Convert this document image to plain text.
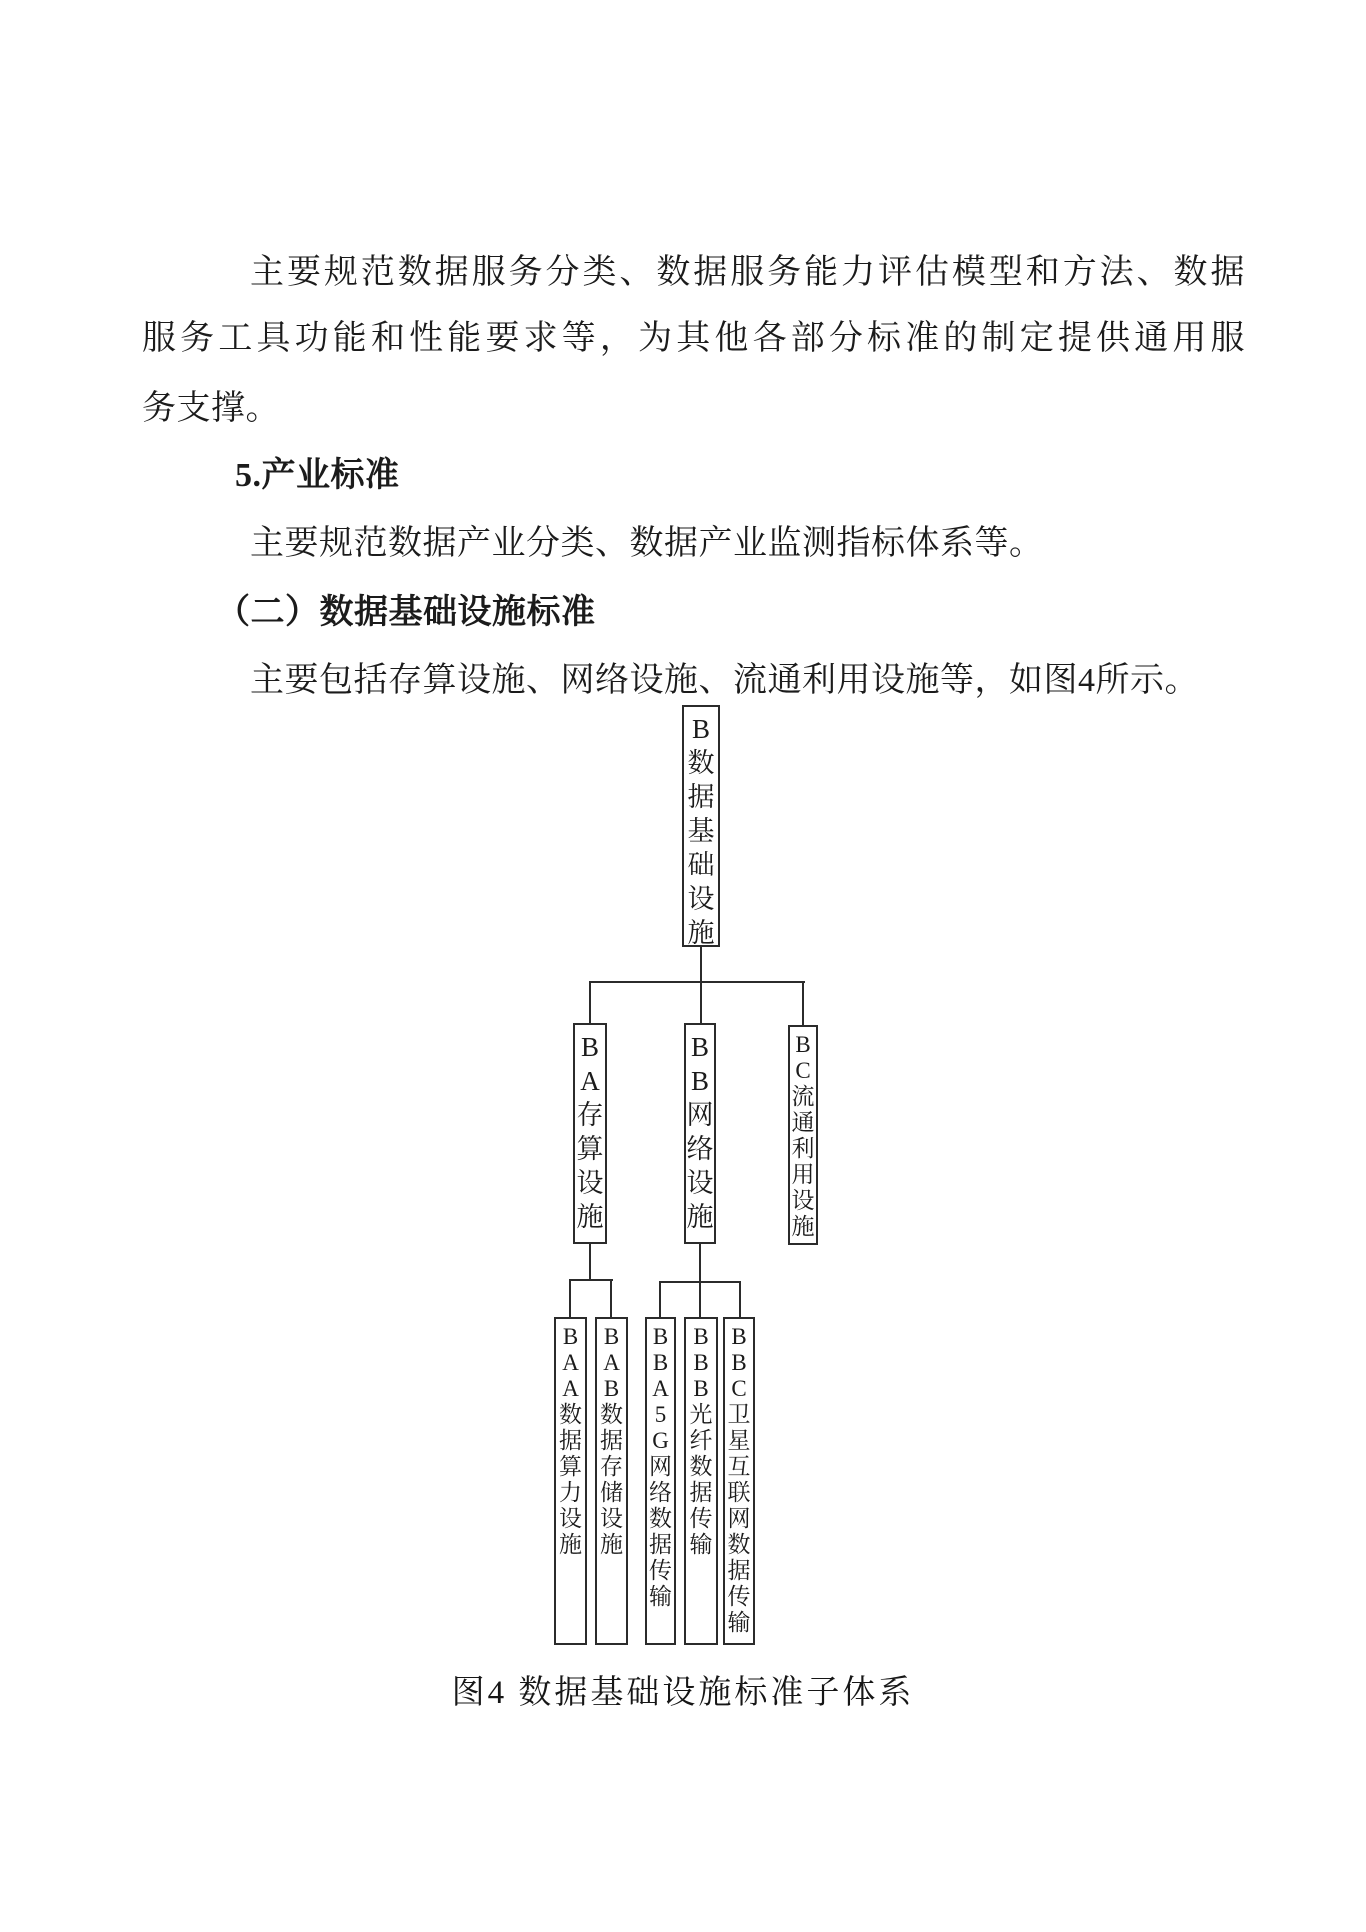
主要规范数据服务分类、数据服务能力评估模型和方法、数据
服务工具功能和性能要求等，为其他各部分标准的制定提供通用服
务支撑。
5.产业标准
主要规范数据产业分类、数据产业监测指标体系等。
（二）数据基础设施标准
主要包括存算设施、网络设施、流通利用设施等，如图4所示。
B
数
据
基
础
设
施
B
A
存
算
设
施
B
B
网
络
设
施
B
C
流
通
利
用
设
施
B
A
A
数
据
算
力
设
施
B
A
B
数
据
存
储
设
施
B
B
A
5
G
网
络
数
据
传
输
B
B
B
光
纤
数
据
传
输
B
B
C
卫
星
互
联
网
数
据
传
输
图4 数据基础设施标准子体系
